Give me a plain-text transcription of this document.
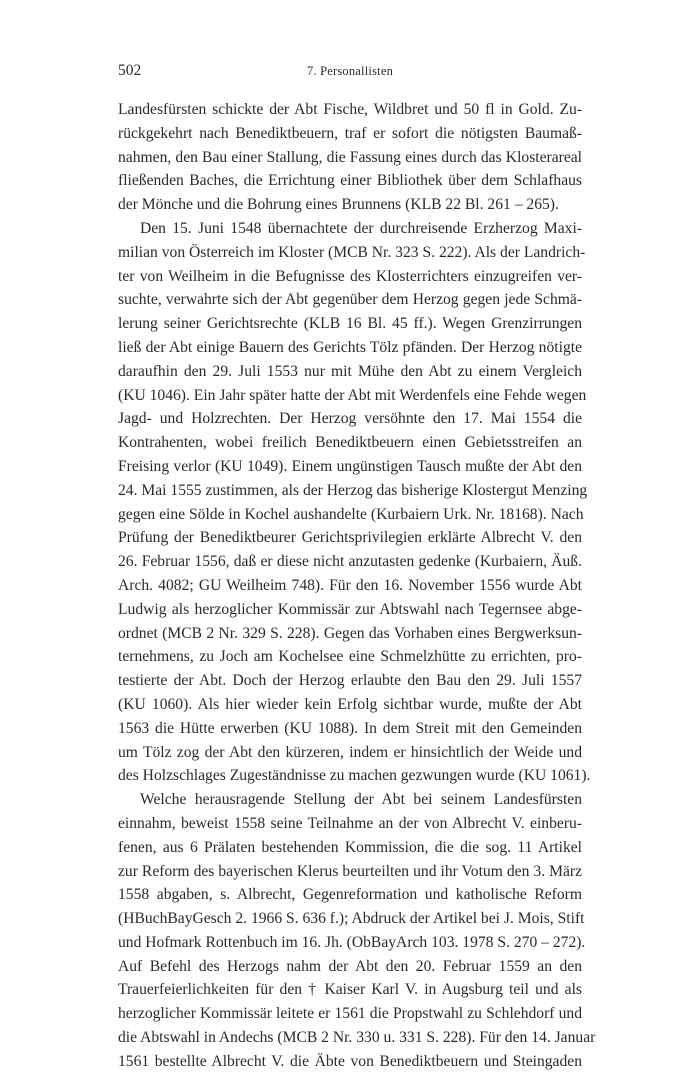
502	7. Personallisten
Landesfürsten schickte der Abt Fische, Wildbret und 50 fl in Gold. Zu-
rückgekehrt nach Benediktbeuern, traf er sofort die nötigsten Baumaß-
nahmen, den Bau einer Stallung, die Fassung eines durch das Klosterareal
fließenden Baches, die Errichtung einer Bibliothek über dem Schlafhaus
der Mönche und die Bohrung eines Brunnens (KLB 22 Bl. 261 – 265).
Den 15. Juni 1548 übernachtete der durchreisende Erzherzog Maxi-
milian von Österreich im Kloster (MCB Nr. 323 S. 222). Als der Landrich-
ter von Weilheim in die Befugnisse des Klosterrichters einzugreifen ver-
suchte, verwahrte sich der Abt gegenüber dem Herzog gegen jede Schmä-
lerung seiner Gerichtsrechte (KLB 16 Bl. 45 ff.). Wegen Grenzirrungen
ließ der Abt einige Bauern des Gerichts Tölz pfänden. Der Herzog nötigte
daraufhin den 29. Juli 1553 nur mit Mühe den Abt zu einem Vergleich
(KU 1046). Ein Jahr später hatte der Abt mit Werdenfels eine Fehde wegen
Jagd- und Holzrechten. Der Herzog versöhnte den 17. Mai 1554 die
Kontrahenten, wobei freilich Benediktbeuern einen Gebietsstreifen an
Freising verlor (KU 1049). Einem ungünstigen Tausch mußte der Abt den
24. Mai 1555 zustimmen, als der Herzog das bisherige Klostergut Menzing
gegen eine Sölde in Kochel aushandelte (Kurbaiern Urk. Nr. 18168). Nach
Prüfung der Benediktbeurer Gerichtsprivilegien erklärte Albrecht V. den
26. Februar 1556, daß er diese nicht anzutasten gedenke (Kurbaiern, Äuß.
Arch. 4082; GU Weilheim 748). Für den 16. November 1556 wurde Abt
Ludwig als herzoglicher Kommissär zur Abtswahl nach Tegernsee abge-
ordnet (MCB 2 Nr. 329 S. 228). Gegen das Vorhaben eines Bergwerksun-
ternehmens, zu Joch am Kochelsee eine Schmelzhütte zu errichten, pro-
testierte der Abt. Doch der Herzog erlaubte den Bau den 29. Juli 1557
(KU 1060). Als hier wieder kein Erfolg sichtbar wurde, mußte der Abt
1563 die Hütte erwerben (KU 1088). In dem Streit mit den Gemeinden
um Tölz zog der Abt den kürzeren, indem er hinsichtlich der Weide und
des Holzschlages Zugeständnisse zu machen gezwungen wurde (KU 1061).
Welche herausragende Stellung der Abt bei seinem Landesfürsten
einnahm, beweist 1558 seine Teilnahme an der von Albrecht V. einberu-
fenen, aus 6 Prälaten bestehenden Kommission, die die sog. 11 Artikel
zur Reform des bayerischen Klerus beurteilten und ihr Votum den 3. März
1558 abgaben, s. Albrecht, Gegenreformation und katholische Reform
(HBuchBayGesch 2. 1966 S. 636 f.); Abdruck der Artikel bei J. Mois, Stift
und Hofmark Rottenbuch im 16. Jh. (ObBayArch 103. 1978 S. 270 – 272).
Auf Befehl des Herzogs nahm der Abt den 20. Februar 1559 an den
Trauerfeierlichkeiten für den † Kaiser Karl V. in Augsburg teil und als
herzoglicher Kommissär leitete er 1561 die Propstwahl zu Schlehdorf und
die Abtswahl in Andechs (MCB 2 Nr. 330 u. 331 S. 228). Für den 14. Januar
1561 bestellte Albrecht V. die Äbte von Benediktbeuern und Steingaden
